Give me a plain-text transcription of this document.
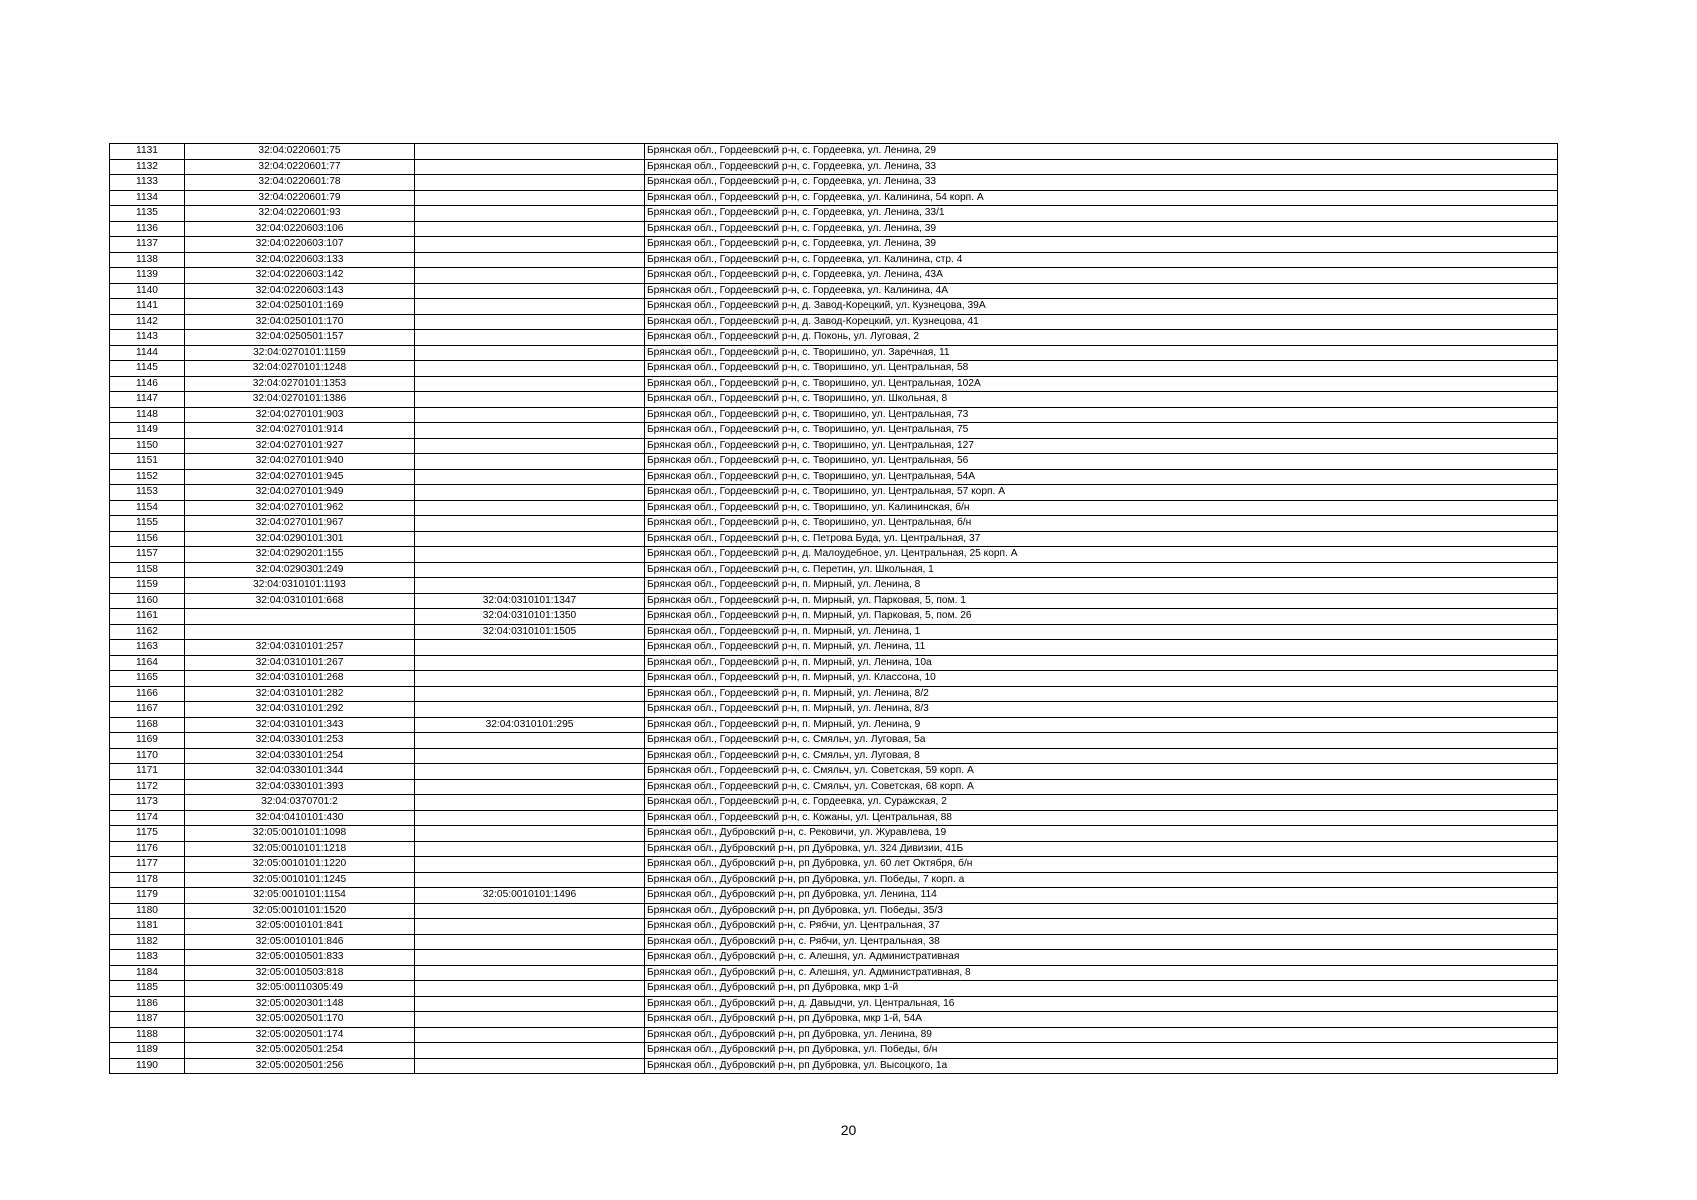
1131	32:04:0220601:75		Брянская обл., Гордеевский р-н, с. Гордеевка, ул. Ленина, 29
1132	32:04:0220601:77		Брянская обл., Гордеевский р-н, с. Гордеевка, ул. Ленина, 33
1133	32:04:0220601:78		Брянская обл., Гордеевский р-н, с. Гордеевка, ул. Ленина, 33
1134	32:04:0220601:79		Брянская обл., Гордеевский р-н, с. Гордеевка, ул. Калинина, 54 корп. А
1135	32:04:0220601:93		Брянская обл., Гордеевский р-н, с. Гордеевка, ул. Ленина, 33/1
1136	32:04:0220603:106		Брянская обл., Гордеевский р-н, с. Гордеевка, ул. Ленина, 39
1137	32:04:0220603:107		Брянская обл., Гордеевский р-н, с. Гордеевка, ул. Ленина, 39
1138	32:04:0220603:133		Брянская обл., Гордеевский р-н, с. Гордеевка, ул. Калинина, стр. 4
1139	32:04:0220603:142		Брянская обл., Гордеевский р-н, с. Гордеевка, ул. Ленина, 43А
1140	32:04:0220603:143		Брянская обл., Гордеевский р-н, с. Гордеевка, ул. Калинина, 4А
1141	32:04:0250101:169		Брянская обл., Гордеевский р-н, д. Завод-Корецкий, ул. Кузнецова, 39А
1142	32:04:0250101:170		Брянская обл., Гордеевский р-н, д. Завод-Корецкий, ул. Кузнецова, 41
1143	32:04:0250501:157		Брянская обл., Гордеевский р-н, д. Поконь, ул. Луговая, 2
1144	32:04:0270101:1159		Брянская обл., Гордеевский р-н, с. Творишино, ул. Заречная, 11
1145	32:04:0270101:1248		Брянская обл., Гордеевский р-н, с. Творишино, ул. Центральная, 58
1146	32:04:0270101:1353		Брянская обл., Гордеевский р-н, с. Творишино, ул. Центральная, 102А
1147	32:04:0270101:1386		Брянская обл., Гордеевский р-н, с. Творишино, ул. Школьная, 8
1148	32:04:0270101:903		Брянская обл., Гордеевский р-н, с. Творишино, ул. Центральная, 73
1149	32:04:0270101:914		Брянская обл., Гордеевский р-н, с. Творишино, ул. Центральная, 75
1150	32:04:0270101:927		Брянская обл., Гордеевский р-н, с. Творишино, ул. Центральная, 127
1151	32:04:0270101:940		Брянская обл., Гордеевский р-н, с. Творишино, ул. Центральная, 56
1152	32:04:0270101:945		Брянская обл., Гордеевский р-н, с. Творишино, ул. Центральная, 54А
1153	32:04:0270101:949		Брянская обл., Гордеевский р-н, с. Творишино, ул. Центральная, 57 корп. А
1154	32:04:0270101:962		Брянская обл., Гордеевский р-н, с. Творишино, ул. Калининская, б/н
1155	32:04:0270101:967		Брянская обл., Гордеевский р-н, с. Творишино, ул. Центральная, б/н
1156	32:04:0290101:301		Брянская обл., Гордеевский р-н, с. Петрова Буда, ул. Центральная, 37
1157	32:04:0290201:155		Брянская обл., Гордеевский р-н, д. Малоудебное, ул. Центральная, 25 корп. А
1158	32:04:0290301:249		Брянская обл., Гордеевский р-н, с. Перетин, ул. Школьная, 1
1159	32:04:0310101:1193		Брянская обл., Гордеевский р-н, п. Мирный, ул. Ленина, 8
1160	32:04:0310101:668	32:04:0310101:1347	Брянская обл., Гордеевский р-н, п. Мирный, ул. Парковая, 5, пом. 1
1161		32:04:0310101:1350	Брянская обл., Гордеевский р-н, п. Мирный, ул. Парковая, 5, пом. 26
1162		32:04:0310101:1505	Брянская обл., Гордеевский р-н, п. Мирный, ул. Ленина, 1
1163	32:04:0310101:257		Брянская обл., Гордеевский р-н, п. Мирный, ул. Ленина, 11
1164	32:04:0310101:267		Брянская обл., Гордеевский р-н, п. Мирный, ул. Ленина, 10а
1165	32:04:0310101:268		Брянская обл., Гордеевский р-н, п. Мирный, ул. Классона, 10
1166	32:04:0310101:282		Брянская обл., Гордеевский р-н, п. Мирный, ул. Ленина, 8/2
1167	32:04:0310101:292		Брянская обл., Гордеевский р-н, п. Мирный, ул. Ленина, 8/3
1168	32:04:0310101:343	32:04:0310101:295	Брянская обл., Гордеевский р-н, п. Мирный, ул. Ленина, 9
1169	32:04:0330101:253		Брянская обл., Гордеевский р-н, с. Смяльч, ул. Луговая, 5а
1170	32:04:0330101:254		Брянская обл., Гордеевский р-н, с. Смяльч, ул. Луговая, 8
1171	32:04:0330101:344		Брянская обл., Гордеевский р-н, с. Смяльч, ул. Советская, 59 корп. А
1172	32:04:0330101:393		Брянская обл., Гордеевский р-н, с. Смяльч, ул. Советская, 68 корп. А
1173	32:04:0370701:2		Брянская обл., Гордеевский р-н, с. Гордеевка, ул. Суражская, 2
1174	32:04:0410101:430		Брянская обл., Гордеевский р-н, с. Кожаны, ул. Центральная, 88
1175	32:05:0010101:1098		Брянская обл., Дубровский р-н, с. Рековичи, ул. Журавлева, 19
1176	32:05:0010101:1218		Брянская обл., Дубровский р-н, рп Дубровка, ул. 324 Дивизии, 41Б
1177	32:05:0010101:1220		Брянская обл., Дубровский р-н, рп Дубровка, ул. 60 лет Октября, б/н
1178	32:05:0010101:1245		Брянская обл., Дубровский р-н, рп Дубровка, ул. Победы, 7 корп. а
1179	32:05:0010101:1154	32:05:0010101:1496	Брянская обл., Дубровский р-н, рп Дубровка, ул. Ленина, 114
1180	32:05:0010101:1520		Брянская обл., Дубровский р-н, рп Дубровка, ул. Победы, 35/3
1181	32:05:0010101:841		Брянская обл., Дубровский р-н, с. Рябчи, ул. Центральная, 37
1182	32:05:0010101:846		Брянская обл., Дубровский р-н, с. Рябчи, ул. Центральная, 38
1183	32:05:0010501:833		Брянская обл., Дубровский р-н, с. Алешня, ул. Административная
1184	32:05:0010503:818		Брянская обл., Дубровский р-н, с. Алешня, ул. Административная, 8
1185	32:05:00110305:49		Брянская обл., Дубровский р-н, рп Дубровка, мкр 1-й
1186	32:05:0020301:148		Брянская обл., Дубровский р-н, д. Давыдчи, ул. Центральная, 16
1187	32:05:0020501:170		Брянская обл., Дубровский р-н, рп Дубровка, мкр 1-й, 54А
1188	32:05:0020501:174		Брянская обл., Дубровский р-н, рп Дубровка, ул. Ленина, 89
1189	32:05:0020501:254		Брянская обл., Дубровский р-н, рп Дубровка, ул. Победы, б/н
1190	32:05:0020501:256		Брянская обл., Дубровский р-н, рп Дубровка, ул. Высоцкого, 1а
20
